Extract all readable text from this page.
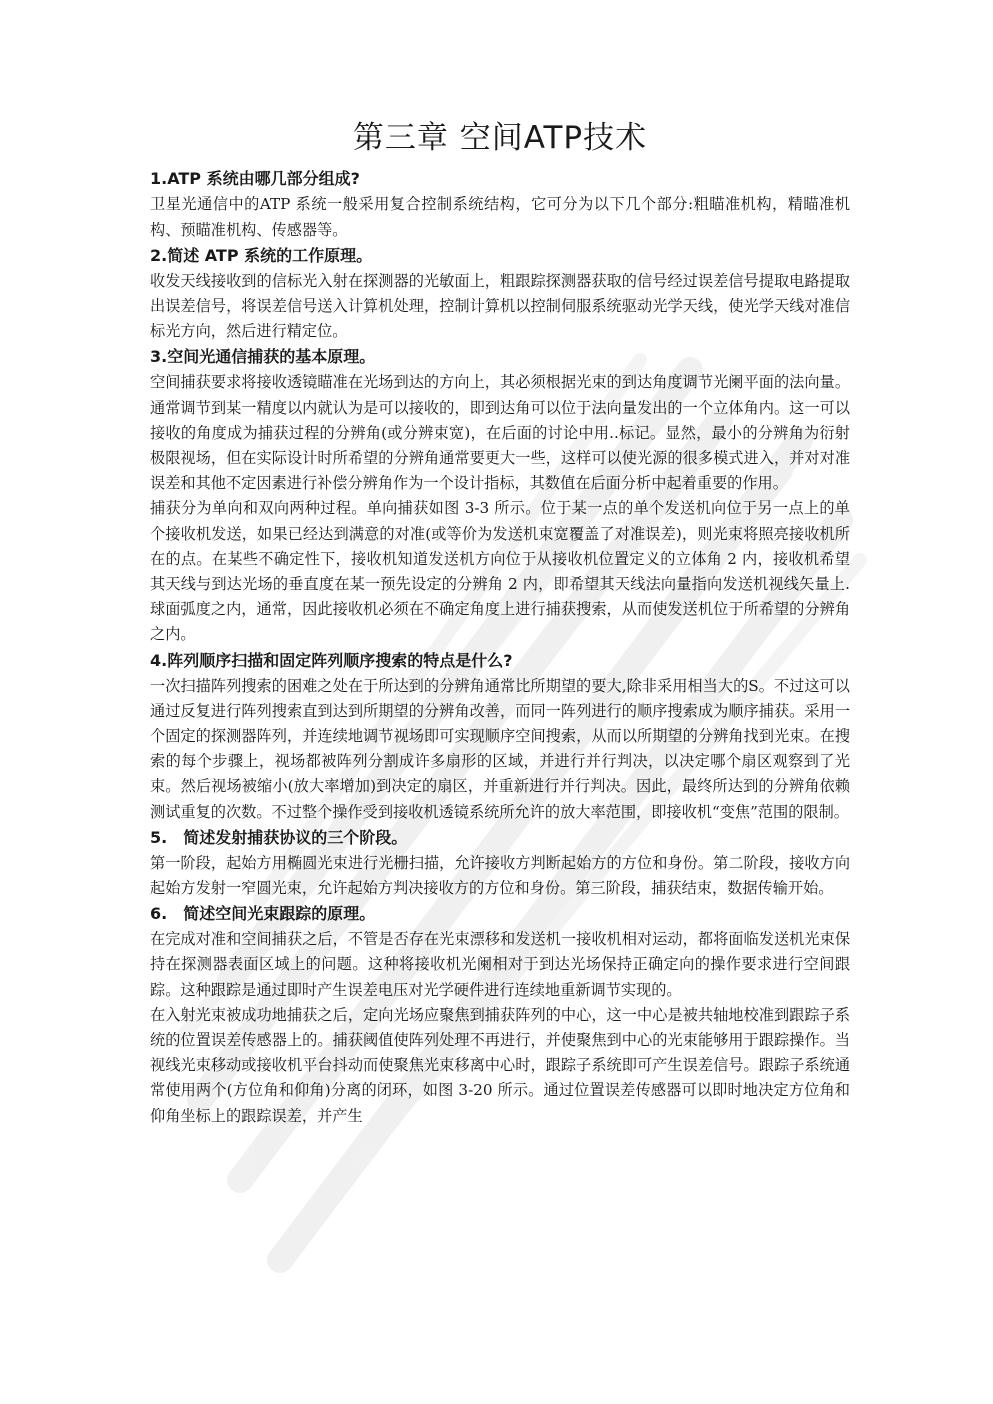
第三章 空间ATP技术

1.ATP 系统由哪几部分组成?

卫星光通信中的ATP 系统一般采用复合控制系统结构，它可分为以下几个部分:粗瞄准机构，精瞄准机构、预瞄准机构、传感器等。

2.简述 ATP 系统的工作原理。

收发天线接收到的信标光入射在探测器的光敏面上，粗跟踪探测器获取的信号经过误差信号提取电路提取出误差信号，将误差信号送入计算机处理，控制计算机以控制伺服系统驱动光学天线，使光学天线对准信标光方向，然后进行精定位。

3.空间光通信捕获的基本原理。

空间捕获要求将接收透镜瞄准在光场到达的方向上，其必须根据光束的到达角度调节光阑平面的法向量。通常调节到某一精度以内就认为是可以接收的，即到达角可以位于法向量发出的一个立体角内。这一可以接收的角度成为捕获过程的分辨角(或分辨束宽)，在后面的讨论中用..标记。显然，最小的分辨角为衍射极限视场，但在实际设计时所希望的分辨角通常要更大一些，这样可以使光源的很多模式进入，并对对准误差和其他不定因素进行补偿分辨角作为一个设计指标，其数值在后面分析中起着重要的作用。

捕获分为单向和双向两种过程。单向捕获如图 3-3 所示。位于某一点的单个发送机向位于另一点上的单个接收机发送，如果已经达到满意的对准(或等价为发送机束宽覆盖了对准误差)，则光束将照亮接收机所在的点。在某些不确定性下，接收机知道发送机方向位于从接收机位置定义的立体角 2 内，接收机希望其天线与到达光场的垂直度在某一预先设定的分辨角 2 内，即希望其天线法向量指向发送机视线矢量上.球面弧度之内，通常，因此接收机必须在不确定角度上进行捕获搜索，从而使发送机位于所希望的分辨角之内。

4.阵列顺序扫描和固定阵列顺序搜索的特点是什么?

一次扫描阵列搜索的困难之处在于所达到的分辨角通常比所期望的要大,除非采用相当大的S。不过这可以通过反复进行阵列搜索直到达到所期望的分辨角改善，而同一阵列进行的顺序搜索成为顺序捕获。采用一个固定的探测器阵列，并连续地调节视场即可实现顺序空间搜索，从而以所期望的分辨角找到光束。在搜索的每个步骤上，视场都被阵列分割成许多扇形的区域，并进行并行判决，以决定哪个扇区观察到了光束。然后视场被缩小(放大率增加)到决定的扇区，并重新进行并行判决。因此，最终所达到的分辨角依赖测试重复的次数。不过整个操作受到接收机透镜系统所允许的放大率范围，即接收机“变焦”范围的限制。

5.　简述发射捕获协议的三个阶段。

第一阶段，起始方用椭圆光束进行光栅扫描，允许接收方判断起始方的方位和身份。第二阶段，接收方向起始方发射一窄圆光束，允许起始方判决接收方的方位和身份。第三阶段，捕获结束，数据传输开始。

6.　简述空间光束跟踪的原理。

在完成对准和空间捕获之后，不管是否存在光束漂移和发送机一接收机相对运动，都将面临发送机光束保持在探测器表面区域上的问题。这种将接收机光阑相对于到达光场保持正确定向的操作要求进行空间跟踪。这种跟踪是通过即时产生误差电压对光学硬件进行连续地重新调节实现的。

在入射光束被成功地捕获之后，定向光场应聚焦到捕获阵列的中心，这一中心是被共轴地校准到跟踪子系统的位置误差传感器上的。捕获阈值使阵列处理不再进行，并使聚焦到中心的光束能够用于跟踪操作。当视线光束移动或接收机平台抖动而使聚焦光束移离中心时，跟踪子系统即可产生误差信号。跟踪子系统通常使用两个(方位角和仰角)分离的闭环，如图 3-20 所示。通过位置误差传感器可以即时地决定方位角和仰角坐标上的跟踪误差，并产生
